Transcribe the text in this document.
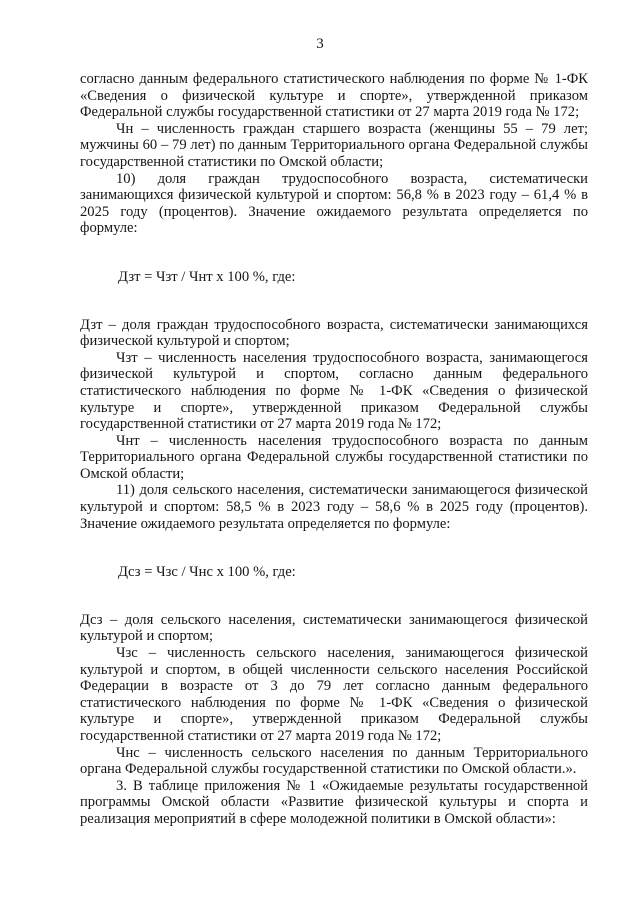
3

согласно данным федерального статистического наблюдения по форме № 1-ФК «Сведения о физической культуре и спорте», утвержденной приказом Федеральной службы государственной статистики от 27 марта 2019 года № 172;

Чн – численность граждан старшего возраста (женщины 55 – 79 лет; мужчины 60 – 79 лет) по данным Территориального органа Федеральной службы государственной статистики по Омской области;

10) доля граждан трудоспособного возраста, систематически занимающихся физической культурой и спортом: 56,8 % в 2023 году – 61,4 % в 2025 году (процентов). Значение ожидаемого результата определяется по формуле:

Дзт = Чзт / Чнт х 100 %, где:

Дзт – доля граждан трудоспособного возраста, систематически занимающихся физической культурой и спортом;

Чзт – численность населения трудоспособного возраста, занимающегося физической культурой и спортом, согласно данным федерального статистического наблюдения по форме № 1-ФК «Сведения о физической культуре и спорте», утвержденной приказом Федеральной службы государственной статистики от 27 марта 2019 года № 172;

Чнт – численность населения трудоспособного возраста по данным Территориального органа Федеральной службы государственной статистики по Омской области;

11) доля сельского населения, систематически занимающегося физической культурой и спортом: 58,5 % в 2023 году – 58,6 % в 2025 году (процентов). Значение ожидаемого результата определяется по формуле:

Дсз = Чзс / Чнс х 100 %, где:

Дсз – доля сельского населения, систематически занимающегося физической культурой и спортом;

Чзс – численность сельского населения, занимающегося физической культурой и спортом, в общей численности сельского населения Российской Федерации в возрасте от 3 до 79 лет согласно данным федерального статистического наблюдения по форме № 1-ФК «Сведения о физической культуре и спорте», утвержденной приказом Федеральной службы государственной статистики от 27 марта 2019 года № 172;

Чнс – численность сельского населения по данным Территориального органа Федеральной службы государственной статистики по Омской области.».

3. В таблице приложения № 1 «Ожидаемые результаты государственной программы Омской области «Развитие физической культуры и спорта и реализация мероприятий в сфере молодежной политики в Омской области»:
